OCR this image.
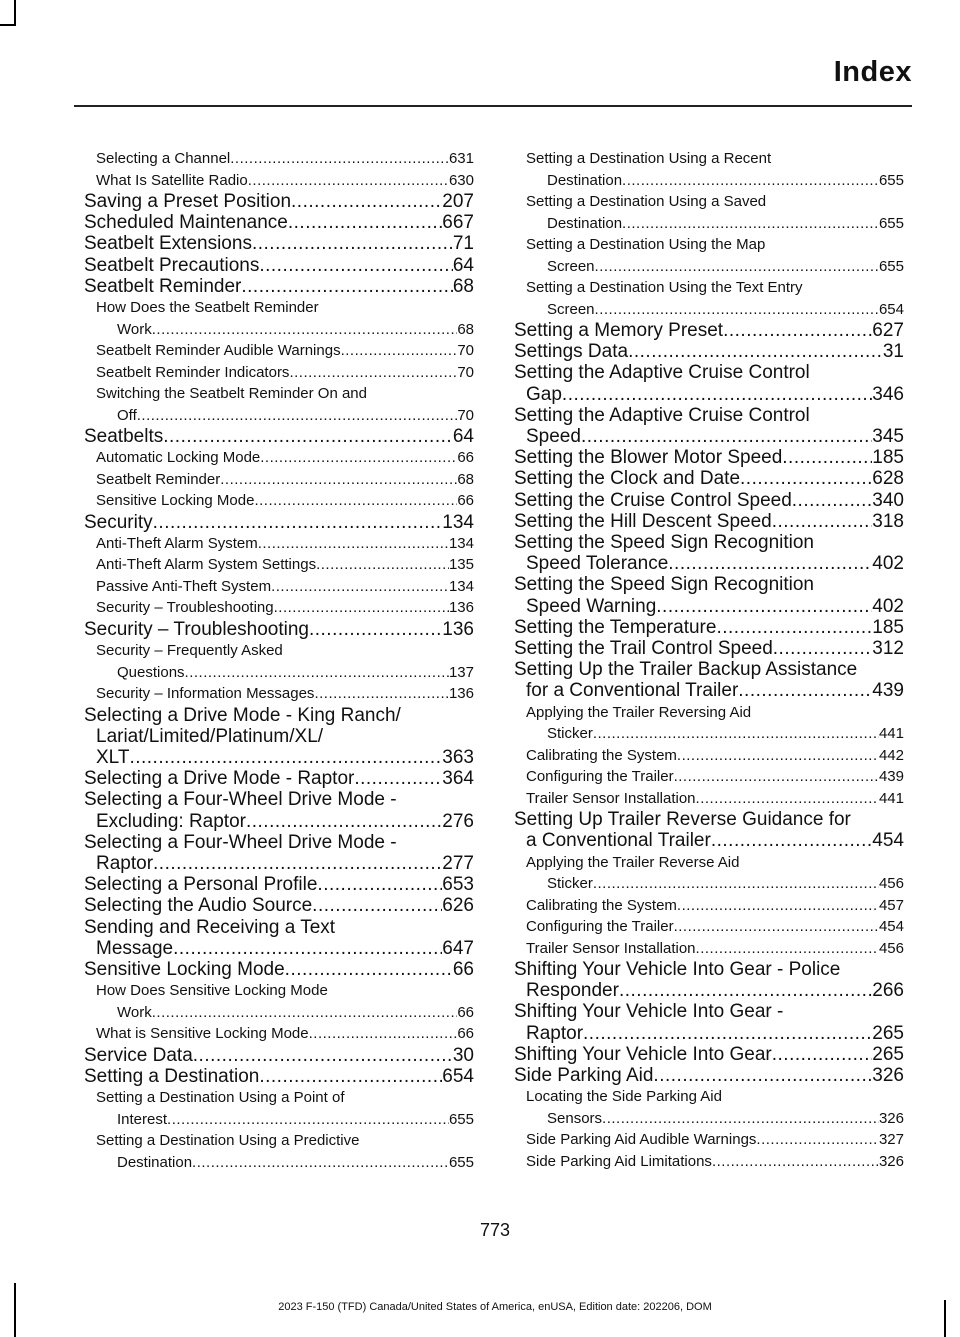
Index
Selecting a Channel .....	631
What Is Satellite Radio .....	630
Saving a Preset Position .....	207
Scheduled Maintenance .....	667
Seatbelt Extensions .....	71
Seatbelt Precautions .....	64
Seatbelt Reminder .....	68
How Does the Seatbelt Reminder
Work .....	68
Seatbelt Reminder Audible Warnings .....	70
Seatbelt Reminder Indicators .....	70
Switching the Seatbelt Reminder On and
Off .....	70
Seatbelts .....	64
Automatic Locking Mode .....	66
Seatbelt Reminder .....	68
Sensitive Locking Mode .....	66
Security .....	134
Anti-Theft Alarm System .....	134
Anti-Theft Alarm System Settings .....	135
Passive Anti-Theft System .....	134
Security – Troubleshooting .....	136
Security – Troubleshooting .....	136
Security – Frequently Asked
Questions .....	137
Security – Information Messages .....	136
Selecting a Drive Mode - King Ranch/
Lariat/Limited/Platinum/XL/
XLT .....	363
Selecting a Drive Mode - Raptor .....	364
Selecting a Four-Wheel Drive Mode -
Excluding: Raptor .....	276
Selecting a Four-Wheel Drive Mode -
Raptor .....	277
Selecting a Personal Profile .....	653
Selecting the Audio Source .....	626
Sending and Receiving a Text
Message .....	647
Sensitive Locking Mode .....	66
How Does Sensitive Locking Mode
Work .....	66
What is Sensitive Locking Mode .....	66
Service Data .....	30
Setting a Destination .....	654
Setting a Destination Using a Point of
Interest .....	655
Setting a Destination Using a Predictive
Destination .....	655
Setting a Destination Using a Recent
Destination .....	655
Setting a Destination Using a Saved
Destination .....	655
Setting a Destination Using the Map
Screen .....	655
Setting a Destination Using the Text Entry
Screen .....	654
Setting a Memory Preset .....	627
Settings Data .....	31
Setting the Adaptive Cruise Control
Gap .....	346
Setting the Adaptive Cruise Control
Speed .....	345
Setting the Blower Motor Speed .....	185
Setting the Clock and Date .....	628
Setting the Cruise Control Speed .....	340
Setting the Hill Descent Speed .....	318
Setting the Speed Sign Recognition
Speed Tolerance .....	402
Setting the Speed Sign Recognition
Speed Warning .....	402
Setting the Temperature .....	185
Setting the Trail Control Speed .....	312
Setting Up the Trailer Backup Assistance
for a Conventional Trailer .....	439
Applying the Trailer Reversing Aid
Sticker .....	441
Calibrating the System .....	442
Configuring the Trailer .....	439
Trailer Sensor Installation .....	441
Setting Up Trailer Reverse Guidance for
a Conventional Trailer .....	454
Applying the Trailer Reverse Aid
Sticker .....	456
Calibrating the System .....	457
Configuring the Trailer .....	454
Trailer Sensor Installation .....	456
Shifting Your Vehicle Into Gear - Police
Responder .....	266
Shifting Your Vehicle Into Gear -
Raptor .....	265
Shifting Your Vehicle Into Gear .....	265
Side Parking Aid .....	326
Locating the Side Parking Aid
Sensors .....	326
Side Parking Aid Audible Warnings .....	327
Side Parking Aid Limitations .....	326
773
2023 F-150 (TFD) Canada/United States of America, enUSA, Edition date: 202206, DOM
